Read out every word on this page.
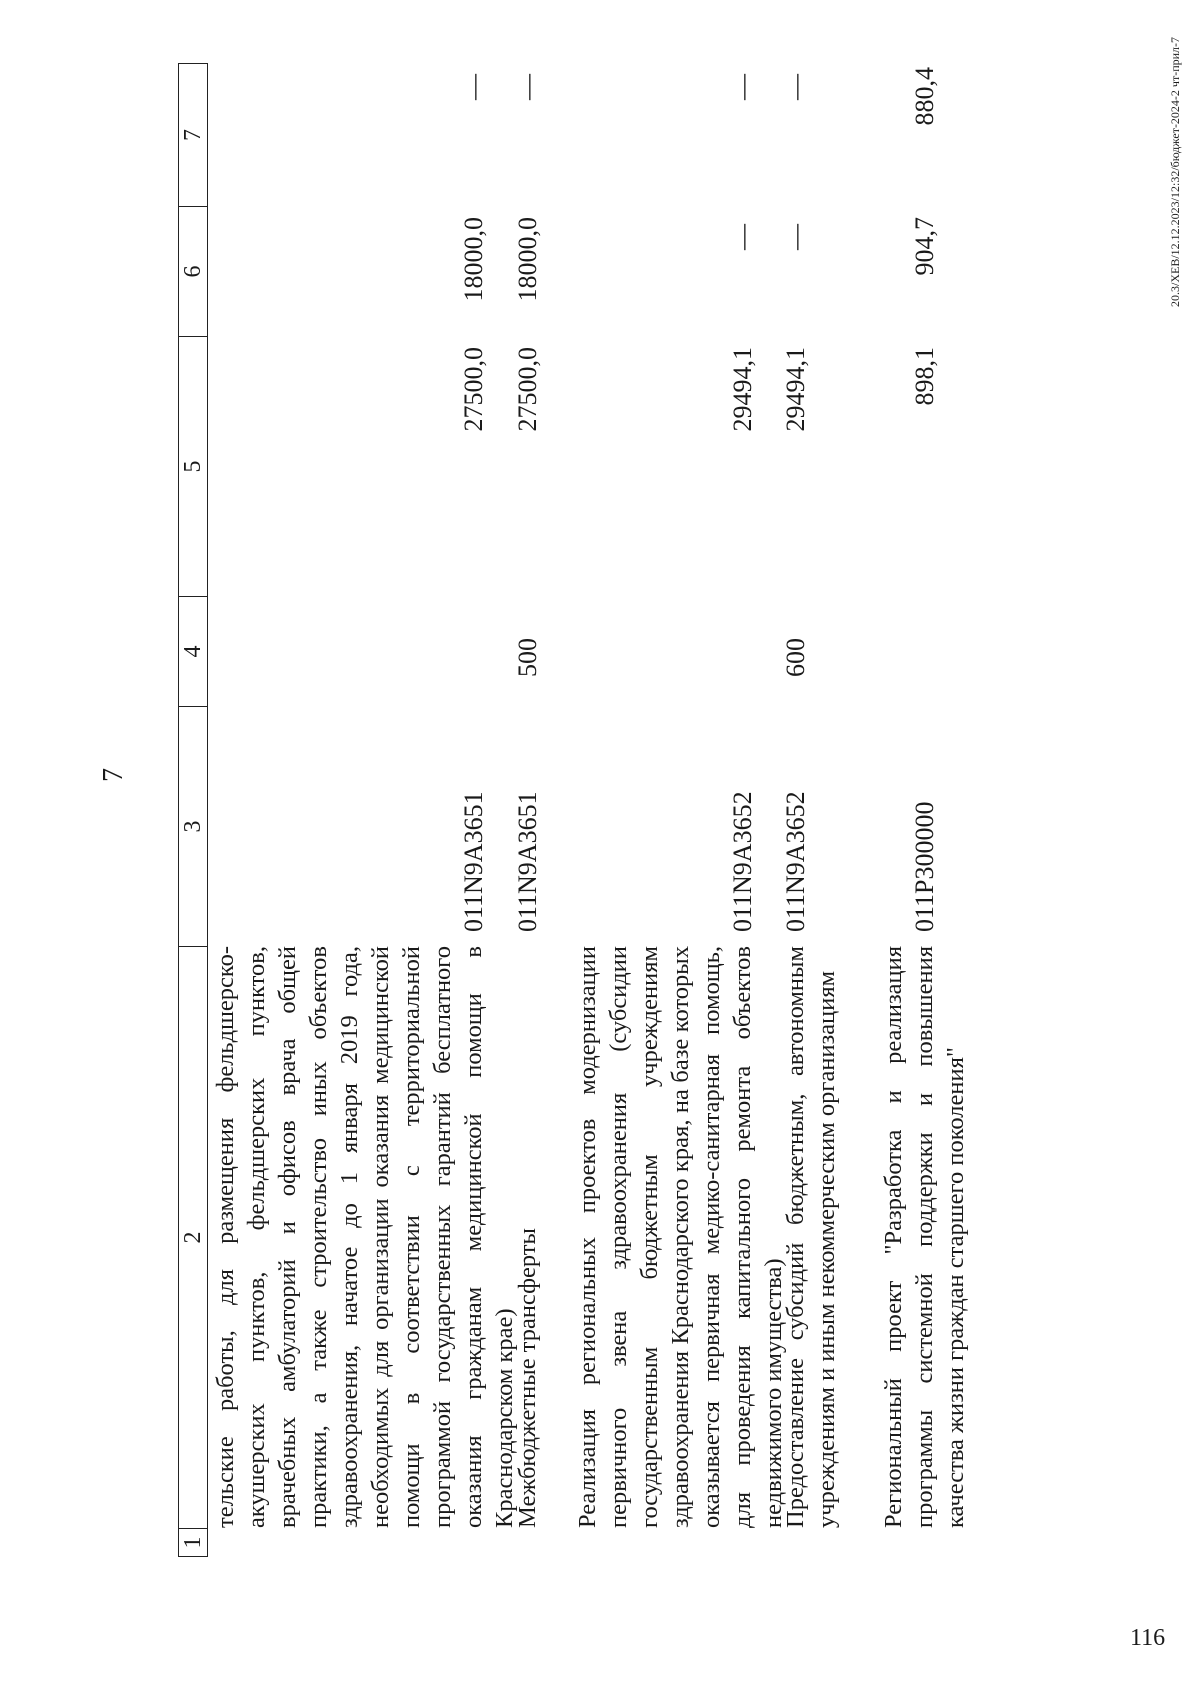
7
1
2
3
4
5
6
7
тельские работы, для размещения фельдшерско-акушерских пунктов, фельдшерских пунктов, врачебных амбулаторий и офисов врача общей практики, а также строительство иных объектов здравоохранения, начатое до 1 января 2019 года, необходимых для организации оказания медицинской помощи в соответствии с территориальной программой государственных гарантий бесплатного оказания гражданам медицинской помощи в Краснодарском крае)
011N9A3651
27500,0
18000,0
—
Межбюджетные трансферты
011N9A3651
500
27500,0
18000,0
—
Реализация региональных проектов модернизации первичного звена здравоохранения (субсидии государственным бюджетным учреждениям здравоохранения Краснодарского края, на базе которых оказывается первичная медико-санитарная помощь, для проведения капитального ремонта объектов недвижимого имущества)
011N9A3652
29494,1
—
—
Предоставление субсидий бюджетным, автономным учреждениям и иным некоммерческим организациям
011N9A3652
600
29494,1
—
—
Региональный проект "Разработка и реализация программы системной поддержки и повышения качества жизни граждан старшего поколения"
011P300000
898,1
904,7
880,4	20.3/XEB/12.12.2023/12:32/бюджет-2024-2 чт-прил-7
116
